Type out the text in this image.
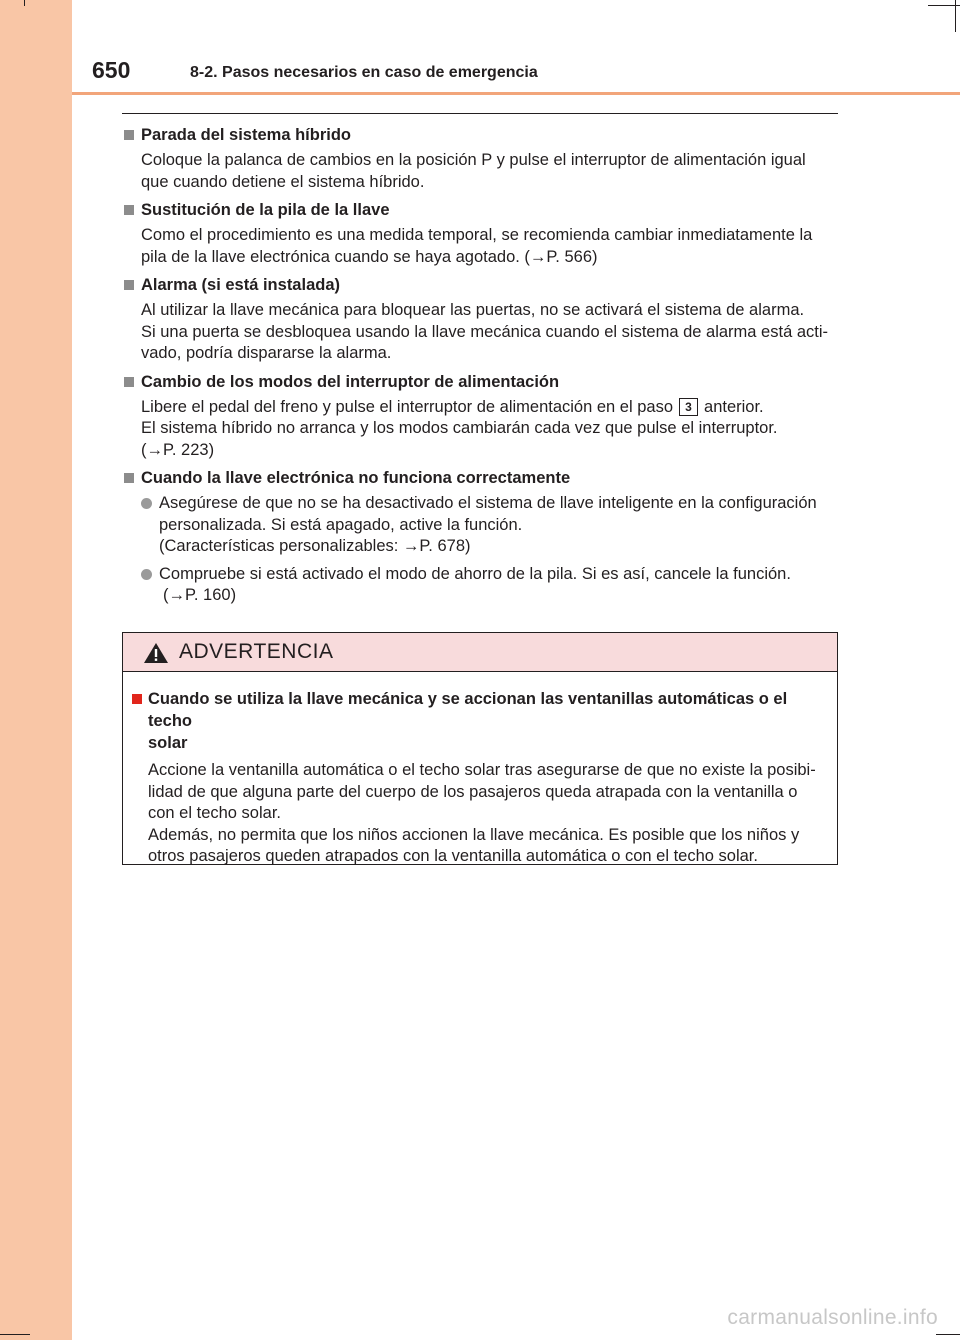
650	8-2. Pasos necesarios en caso de emergencia
Parada del sistema híbrido

Coloque la palanca de cambios en la posición P y pulse el interruptor de alimentación igual

que cuando detiene el sistema híbrido.

Sustitución de la pila de la llave

Como el procedimiento es una medida temporal, se recomienda cambiar inmediatamente la

pila de la llave electrónica cuando se haya agotado. (→P. 566)

Alarma (si está instalada)

Al utilizar la llave mecánica para bloquear las puertas, no se activará el sistema de alarma.

Si una puerta se desbloquea usando la llave mecánica cuando el sistema de alarma está acti-

vado, podría dispararse la alarma.

Cambio de los modos del interruptor de alimentación

Libere el pedal del freno y pulse el interruptor de alimentación en el paso 3 anterior.

El sistema híbrido no arranca y los modos cambiarán cada vez que pulse el interruptor.

(→P. 223)

Cuando la llave electrónica no funciona correctamente

Asegúrese de que no se ha desactivado el sistema de llave inteligente en la configuración

personalizada. Si está apagado, active la función.

(Características personalizables: →P. 678)

Compruebe si está activado el modo de ahorro de la pila. Si es así, cancele la función.

(→P. 160)

ADVERTENCIA
Cuando se utiliza la llave mecánica y se accionan las ventanillas automáticas o el techo
solar

Accione la ventanilla automática o el techo solar tras asegurarse de que no existe la posibi-

lidad de que alguna parte del cuerpo de los pasajeros queda atrapada con la ventanilla o

con el techo solar.

Además, no permita que los niños accionen la llave mecánica. Es posible que los niños y

otros pasajeros queden atrapados con la ventanilla automática o con el techo solar.

carmanualsonline.info
